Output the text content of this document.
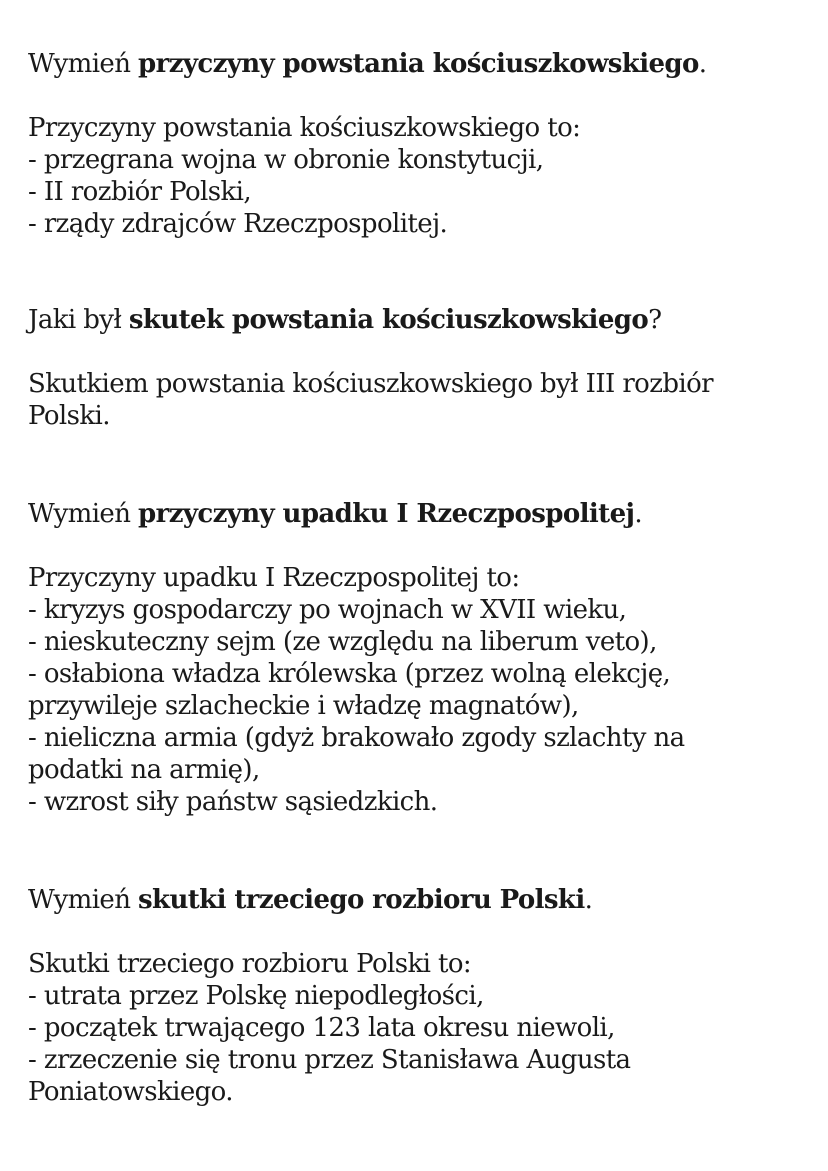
Wymień przyczyny powstania kościuszkowskiego.

Przyczyny powstania kościuszkowskiego to:
- przegrana wojna w obronie konstytucji,
- II rozbiór Polski,
- rządy zdrajców Rzeczpospolitej.

Jaki był skutek powstania kościuszkowskiego?

Skutkiem powstania kościuszkowskiego był III rozbiór
Polski.

Wymień przyczyny upadku I Rzeczpospolitej.

Przyczyny upadku I Rzeczpospolitej to:
- kryzys gospodarczy po wojnach w XVII wieku,
- nieskuteczny sejm (ze względu na liberum veto),
- osłabiona władza królewska (przez wolną elekcję,
przywileje szlacheckie i władzę magnatów),
- nieliczna armia (gdyż brakowało zgody szlachty na
podatki na armię),
- wzrost siły państw sąsiedzkich.

Wymień skutki trzeciego rozbioru Polski.

Skutki trzeciego rozbioru Polski to:
- utrata przez Polskę niepodległości,
- początek trwającego 123 lata okresu niewoli,
- zrzeczenie się tronu przez Stanisława Augusta
Poniatowskiego.
